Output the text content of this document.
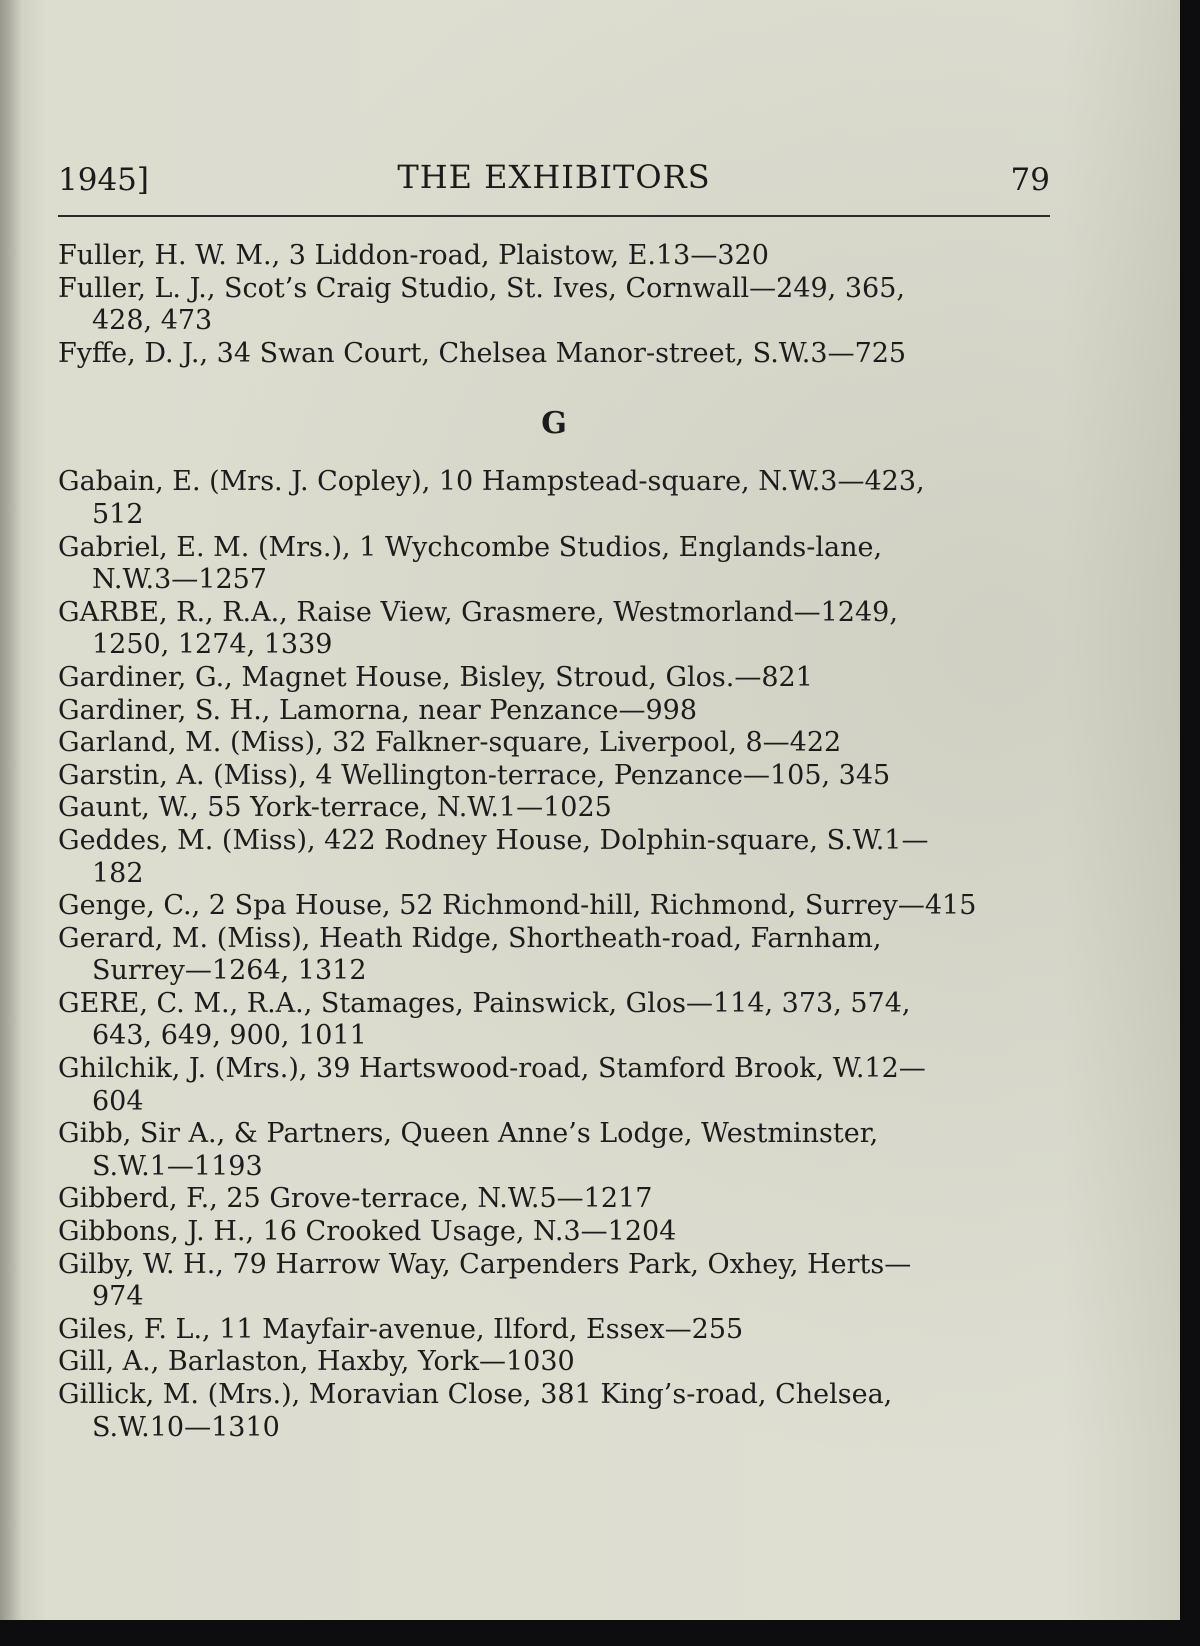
1945]	THE EXHIBITORS	79
Fuller, H. W. M., 3 Liddon-road, Plaistow, E.13—320
Fuller, L. J., Scot’s Craig Studio, St. Ives, Cornwall—249, 365,
428, 473
Fyffe, D. J., 34 Swan Court, Chelsea Manor-street, S.W.3—725
G
Gabain, E. (Mrs. J. Copley), 10 Hampstead-square, N.W.3—423,
512
Gabriel, E. M. (Mrs.), 1 Wychcombe Studios, Englands-lane,
N.W.3—1257
GARBE, R., R.A., Raise View, Grasmere, Westmorland—1249,
1250, 1274, 1339
Gardiner, G., Magnet House, Bisley, Stroud, Glos.—821
Gardiner, S. H., Lamorna, near Penzance—998
Garland, M. (Miss), 32 Falkner-square, Liverpool, 8—422
Garstin, A. (Miss), 4 Wellington-terrace, Penzance—105, 345
Gaunt, W., 55 York-terrace, N.W.1—1025
Geddes, M. (Miss), 422 Rodney House, Dolphin-square, S.W.1—
182
Genge, C., 2 Spa House, 52 Richmond-hill, Richmond, Surrey—415
Gerard, M. (Miss), Heath Ridge, Shortheath-road, Farnham,
Surrey—1264, 1312
GERE, C. M., R.A., Stamages, Painswick, Glos—114, 373, 574,
643, 649, 900, 1011
Ghilchik, J. (Mrs.), 39 Hartswood-road, Stamford Brook, W.12—
604
Gibb, Sir A., & Partners, Queen Anne’s Lodge, Westminster,
S.W.1—1193
Gibberd, F., 25 Grove-terrace, N.W.5—1217
Gibbons, J. H., 16 Crooked Usage, N.3—1204
Gilby, W. H., 79 Harrow Way, Carpenders Park, Oxhey, Herts—
974
Giles, F. L., 11 Mayfair-avenue, Ilford, Essex—255
Gill, A., Barlaston, Haxby, York—1030
Gillick, M. (Mrs.), Moravian Close, 381 King’s-road, Chelsea,
S.W.10—1310
